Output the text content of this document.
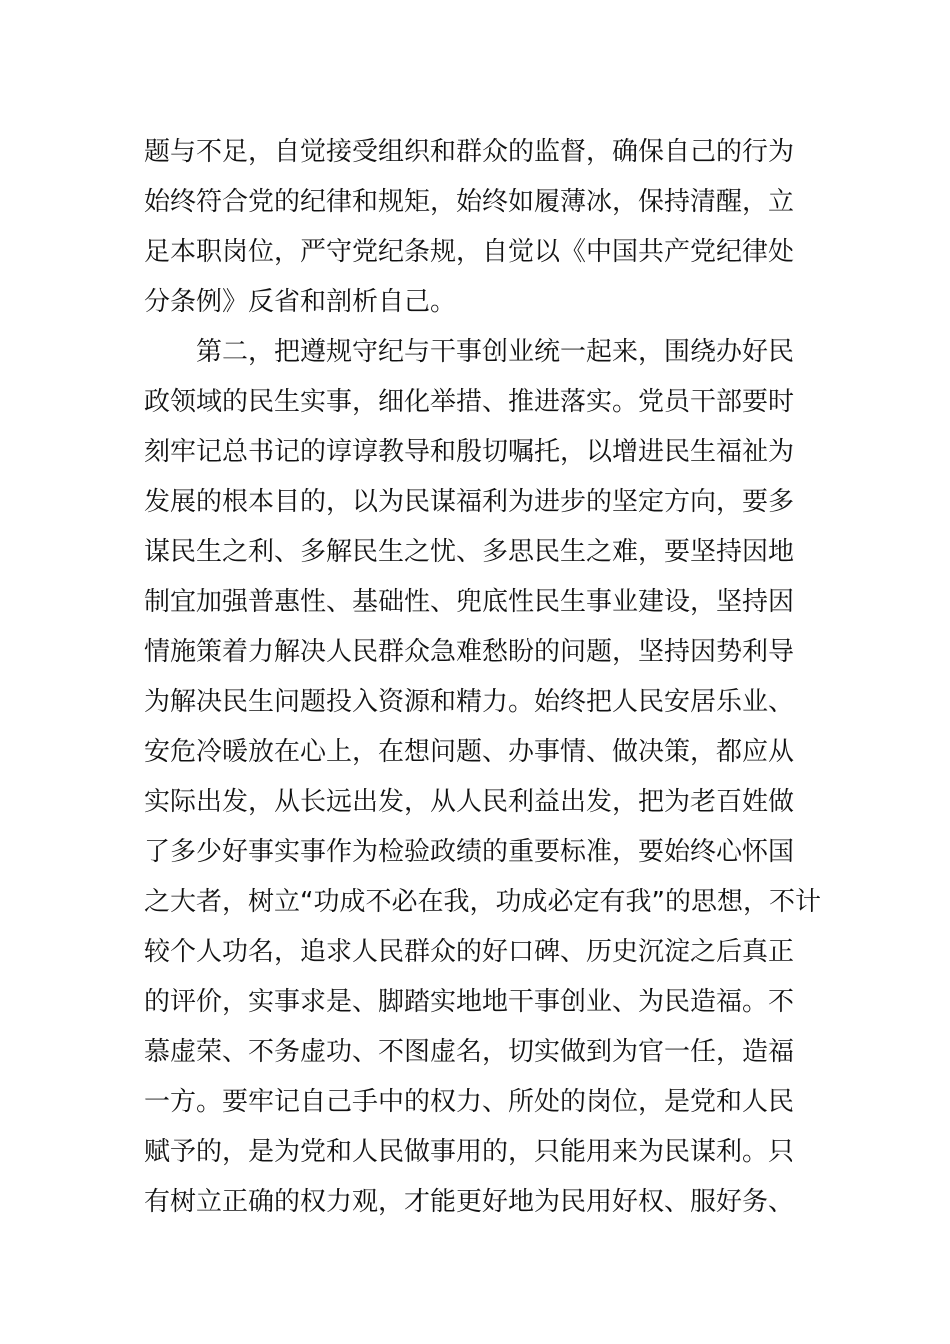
题与不足，自觉接受组织和群众的监督，确保自己的行为
始终符合党的纪律和规矩，始终如履薄冰，保持清醒，立
足本职岗位，严守党纪条规，自觉以《中国共产党纪律处
分条例》反省和剖析自己。
第二，把遵规守纪与干事创业统一起来，围绕办好民
政领域的民生实事，细化举措、推进落实。党员干部要时
刻牢记总书记的谆谆教导和殷切嘱托，以增进民生福祉为
发展的根本目的，以为民谋福利为进步的坚定方向，要多
谋民生之利、多解民生之忧、多思民生之难，要坚持因地
制宜加强普惠性、基础性、兜底性民生事业建设，坚持因
情施策着力解决人民群众急难愁盼的问题，坚持因势利导
为解决民生问题投入资源和精力。始终把人民安居乐业、
安危冷暖放在心上，在想问题、办事情、做决策，都应从
实际出发，从长远出发，从人民利益出发，把为老百姓做
了多少好事实事作为检验政绩的重要标准，要始终心怀国
之大者，树立“功成不必在我，功成必定有我”的思想，不计
较个人功名，追求人民群众的好口碑、历史沉淀之后真正
的评价，实事求是、脚踏实地地干事创业、为民造福。不
慕虚荣、不务虚功、不图虚名，切实做到为官一任，造福
一方。要牢记自己手中的权力、所处的岗位，是党和人民
赋予的，是为党和人民做事用的，只能用来为民谋利。只
有树立正确的权力观，才能更好地为民用好权、服好务、
